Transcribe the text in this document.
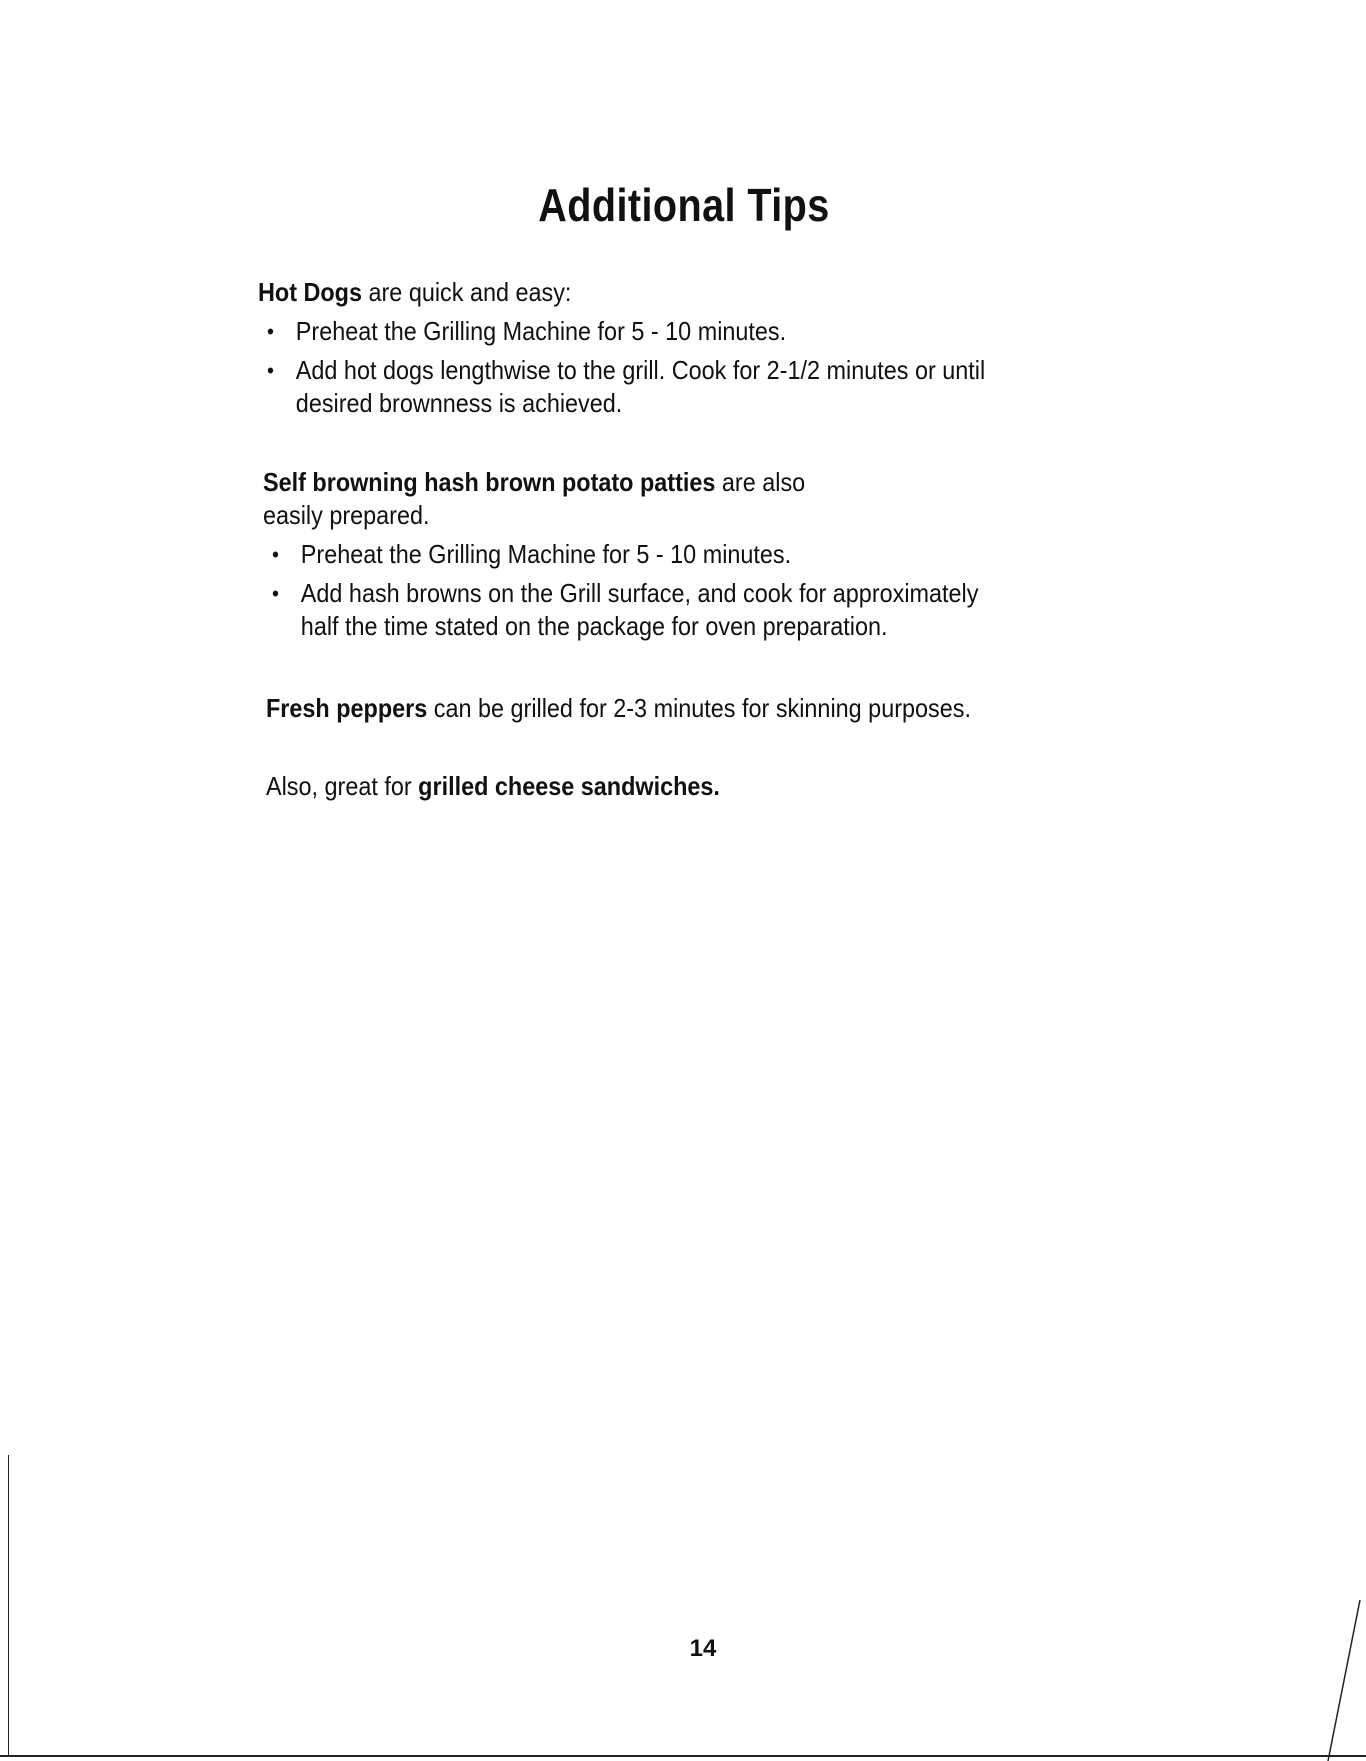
Additional Tips
Hot Dogs are quick and easy:
• Preheat the Grilling Machine for 5 - 10 minutes.
• Add hot dogs lengthwise to the grill. Cook for 2-1/2 minutes or until
desired brownness is achieved.
Self browning hash brown potato patties are also
easily prepared.
• Preheat the Grilling Machine for 5 - 10 minutes.
• Add hash browns on the Grill surface, and cook for approximately
half the time stated on the package for oven preparation.
Fresh peppers can be grilled for 2-3 minutes for skinning purposes.
Also, great for grilled cheese sandwiches.
14
